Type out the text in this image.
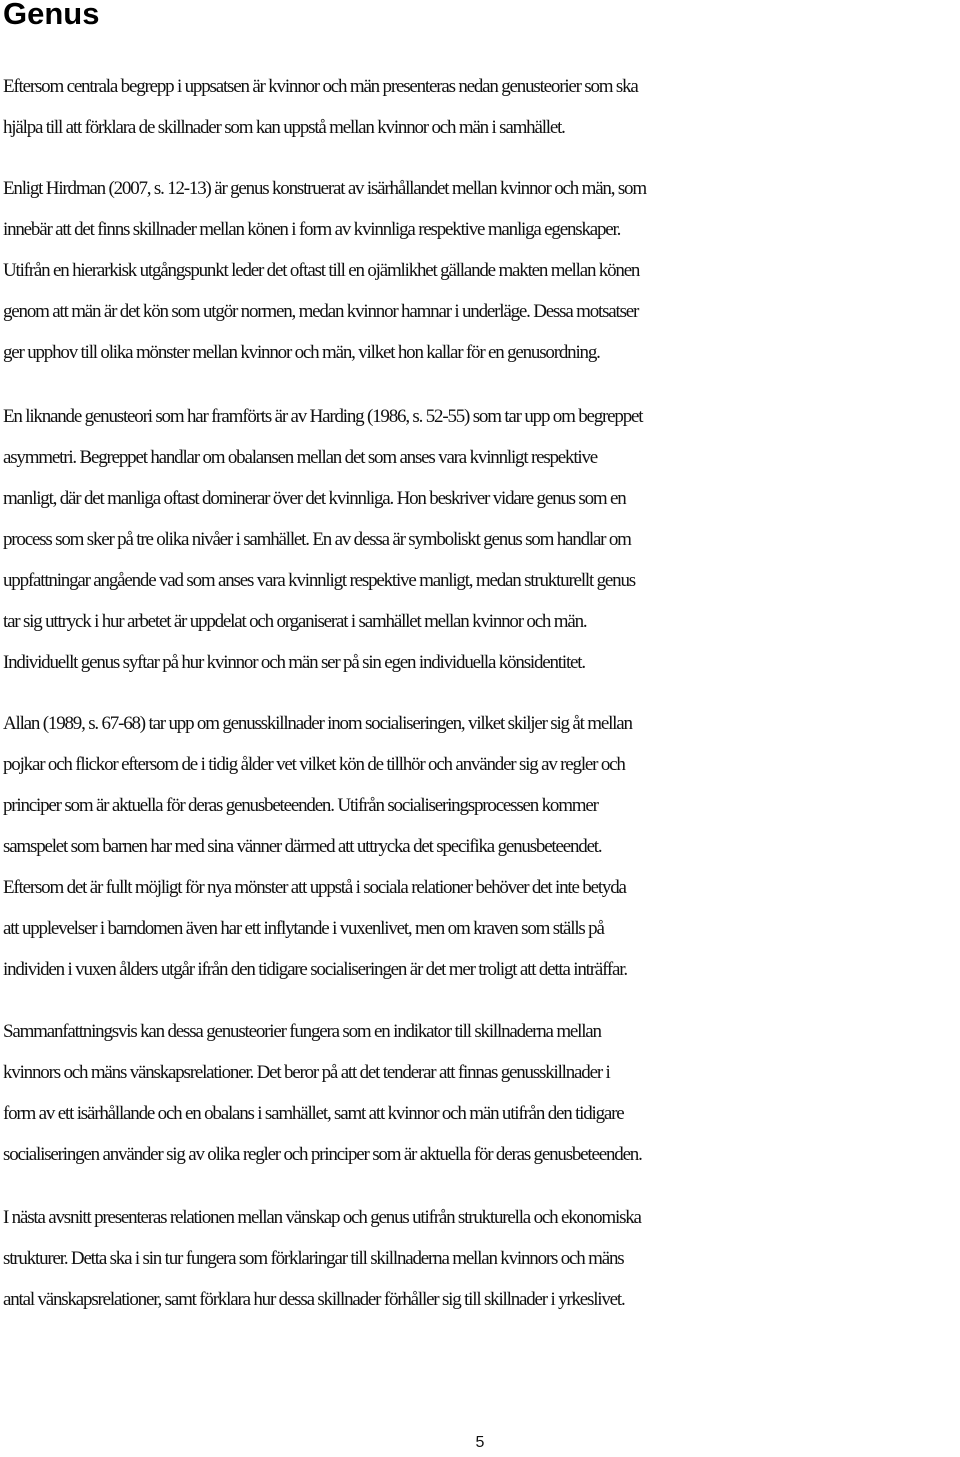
Genus

Eftersom centrala begrepp i uppsatsen är kvinnor och män presenteras nedan genusteorier som ska
hjälpa till att förklara de skillnader som kan uppstå mellan kvinnor och män i samhället.

Enligt Hirdman (2007, s. 12-13) är genus konstruerat av isärhållandet mellan kvinnor och män, som
innebär att det finns skillnader mellan könen i form av kvinnliga respektive manliga egenskaper.
Utifrån en hierarkisk utgångspunkt leder det oftast till en ojämlikhet gällande makten mellan könen
genom att män är det kön som utgör normen, medan kvinnor hamnar i underläge. Dessa motsatser
ger upphov till olika mönster mellan kvinnor och män, vilket hon kallar för en genusordning.

En liknande genusteori som har framförts är av Harding (1986, s. 52-55) som tar upp om begreppet
asymmetri. Begreppet handlar om obalansen mellan det som anses vara kvinnligt respektive
manligt, där det manliga oftast dominerar över det kvinnliga. Hon beskriver vidare genus som en
process som sker på tre olika nivåer i samhället. En av dessa är symboliskt genus som handlar om
uppfattningar angående vad som anses vara kvinnligt respektive manligt, medan strukturellt genus
tar sig uttryck i hur arbetet är uppdelat och organiserat i samhället mellan kvinnor och män.
Individuellt genus syftar på hur kvinnor och män ser på sin egen individuella könsidentitet.

Allan (1989, s. 67-68) tar upp om genusskillnader inom socialiseringen, vilket skiljer sig åt mellan
pojkar och flickor eftersom de i tidig ålder vet vilket kön de tillhör och använder sig av regler och
principer som är aktuella för deras genusbeteenden. Utifrån socialiseringsprocessen kommer
samspelet som barnen har med sina vänner därmed att uttrycka det specifika genusbeteendet.
Eftersom det är fullt möjligt för nya mönster att uppstå i sociala relationer behöver det inte betyda
att upplevelser i barndomen även har ett inflytande i vuxenlivet, men om kraven som ställs på
individen i vuxen ålders utgår ifrån den tidigare socialiseringen är det mer troligt att detta inträffar.

Sammanfattningsvis kan dessa genusteorier fungera som en indikator till skillnaderna mellan
kvinnors och mäns vänskapsrelationer. Det beror på att det tenderar att finnas genusskillnader i
form av ett isärhållande och en obalans i samhället, samt att kvinnor och män utifrån den tidigare
socialiseringen använder sig av olika regler och principer som är aktuella för deras genusbeteenden.

I nästa avsnitt presenteras relationen mellan vänskap och genus utifrån strukturella och ekonomiska
strukturer. Detta ska i sin tur fungera som förklaringar till skillnaderna mellan kvinnors och mäns
antal vänskapsrelationer, samt förklara hur dessa skillnader förhåller sig till skillnader i yrkeslivet.

5
